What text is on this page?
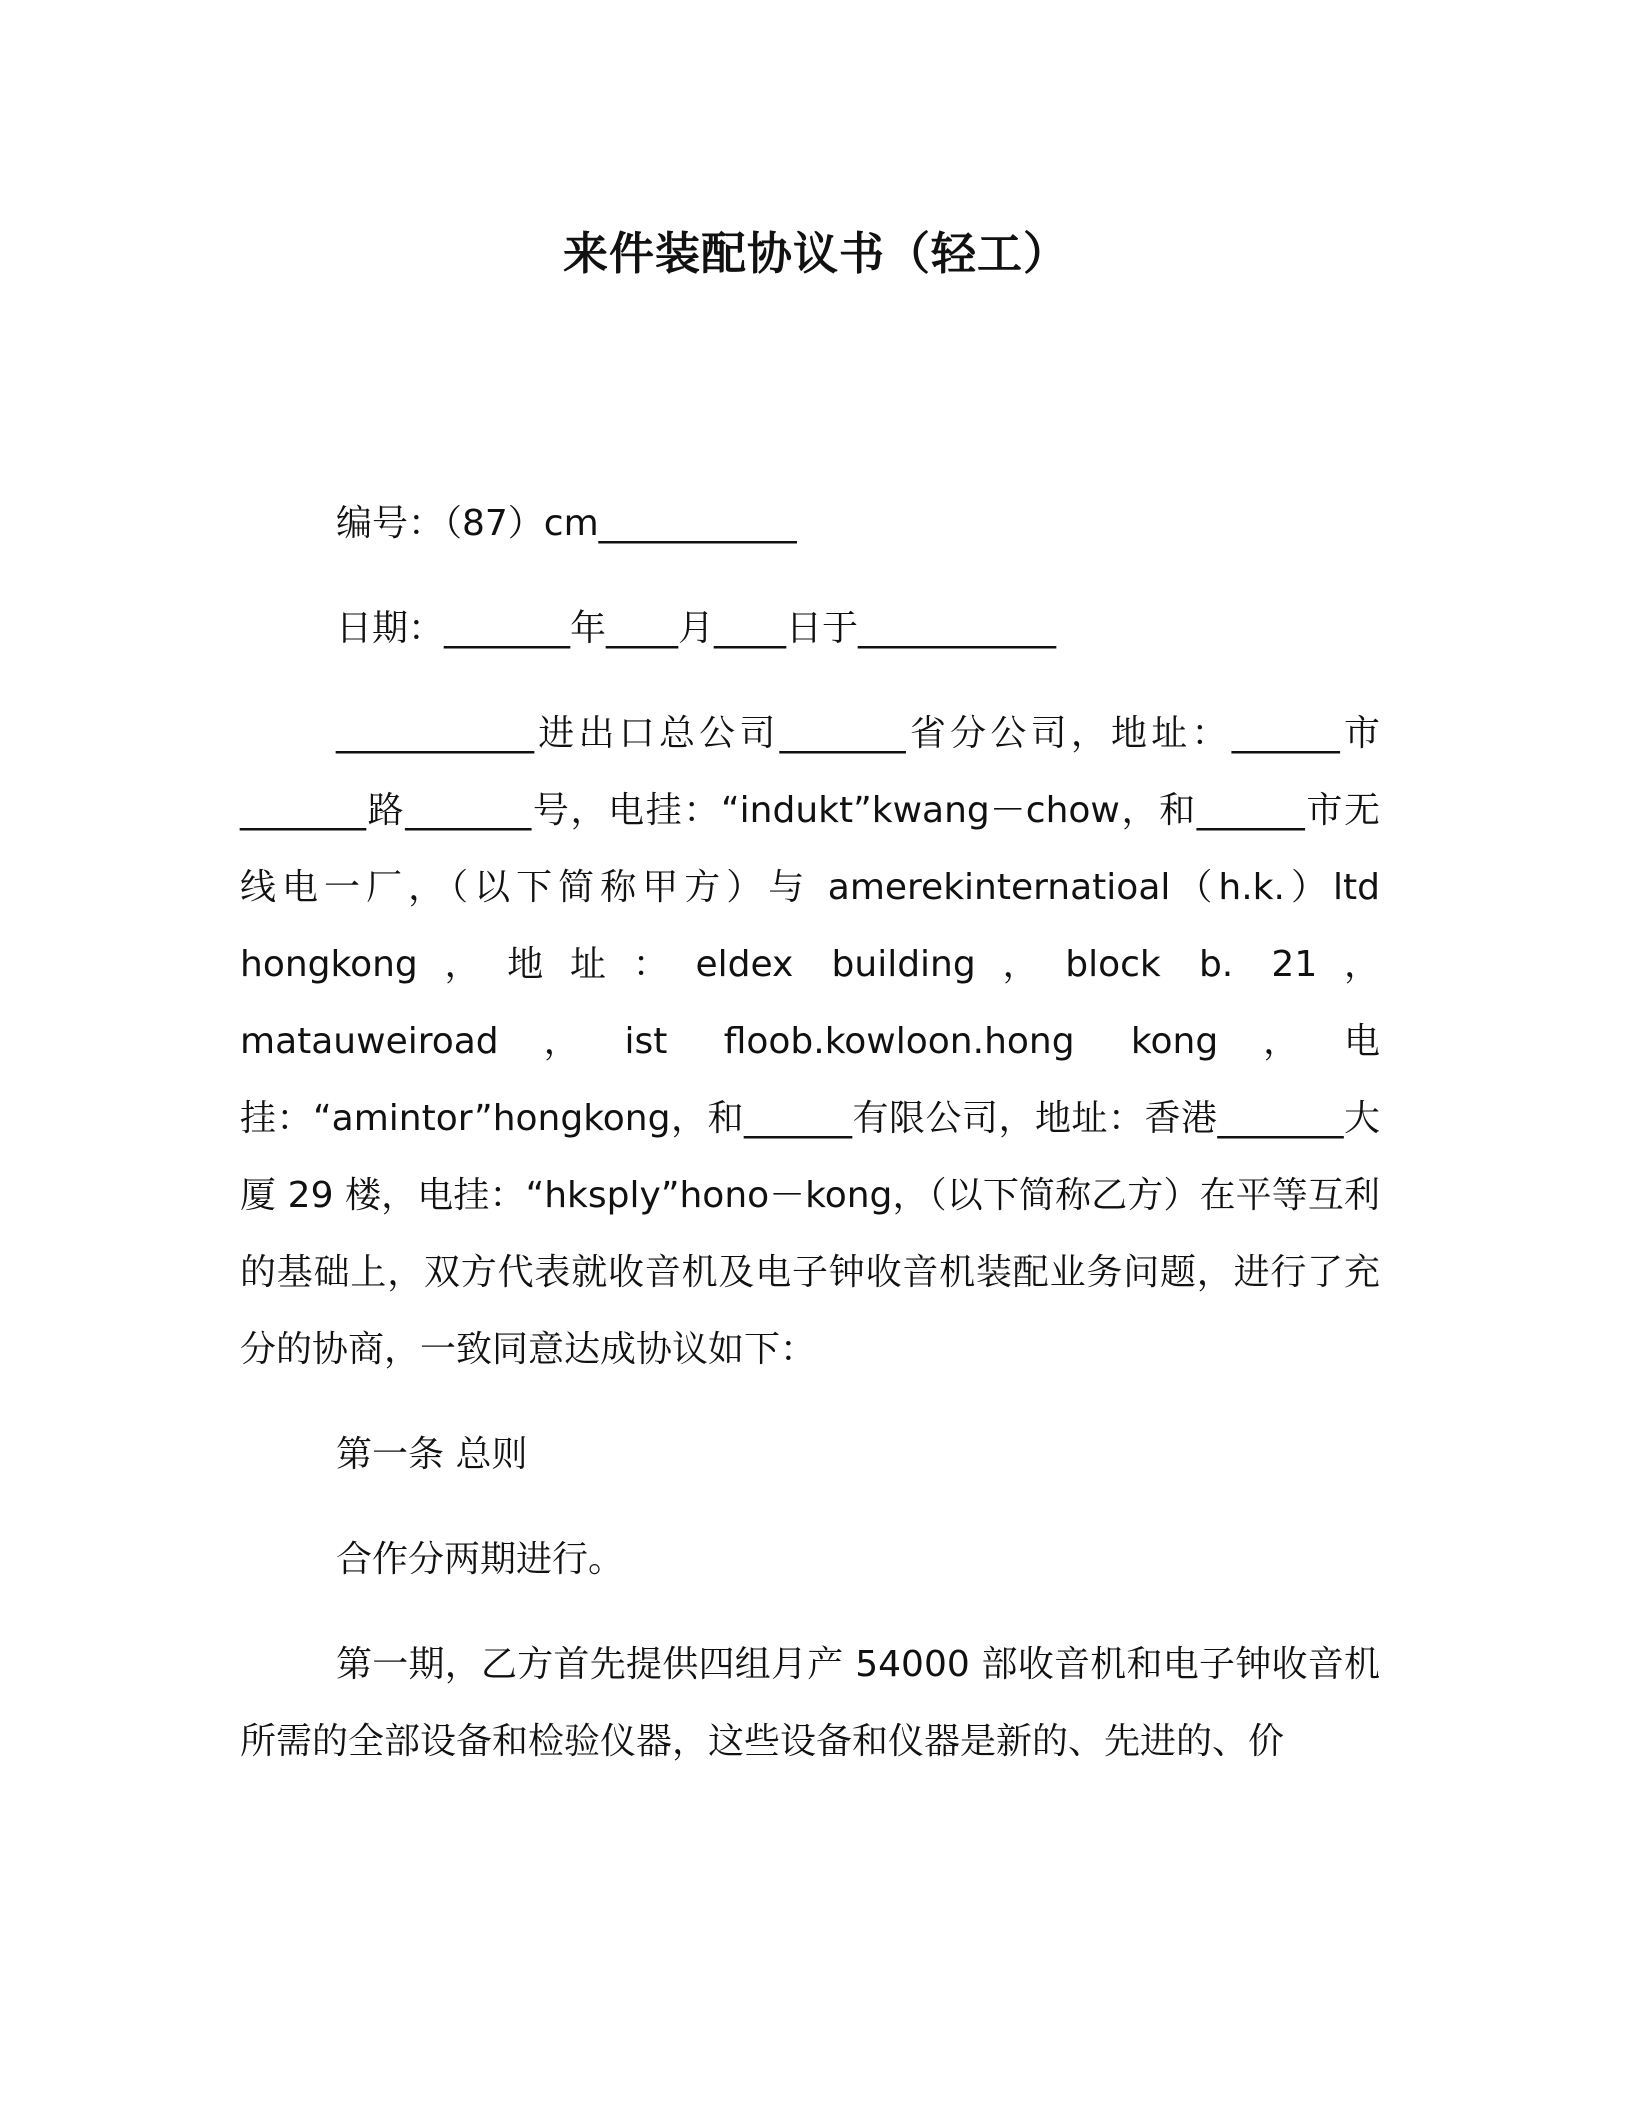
来件装配协议书（轻工）

编号：（87）cm___________

日期：_______年____月____日于___________

___________进出口总公司_______省分公司，地址：______市_______路_______号，电挂：“indukt”kwang－chow，和______市无线电一厂，（以下简称甲方）与 amerekinternatioal（h.k.）ltd hongkong，地址：eldex building，block b. 21，matauweiroad，ist floob.kowloon.hong kong，电挂：“amintor”hongkong，和______有限公司，地址：香港_______大厦 29 楼，电挂：“hksply”hono－kong，（以下简称乙方）在平等互利的基础上，双方代表就收音机及电子钟收音机装配业务问题，进行了充分的协商，一致同意达成协议如下：

第一条 总则

合作分两期进行。

第一期，乙方首先提供四组月产 54000 部收音机和电子钟收音机所需的全部设备和检验仪器，这些设备和仪器是新的、先进的、价
